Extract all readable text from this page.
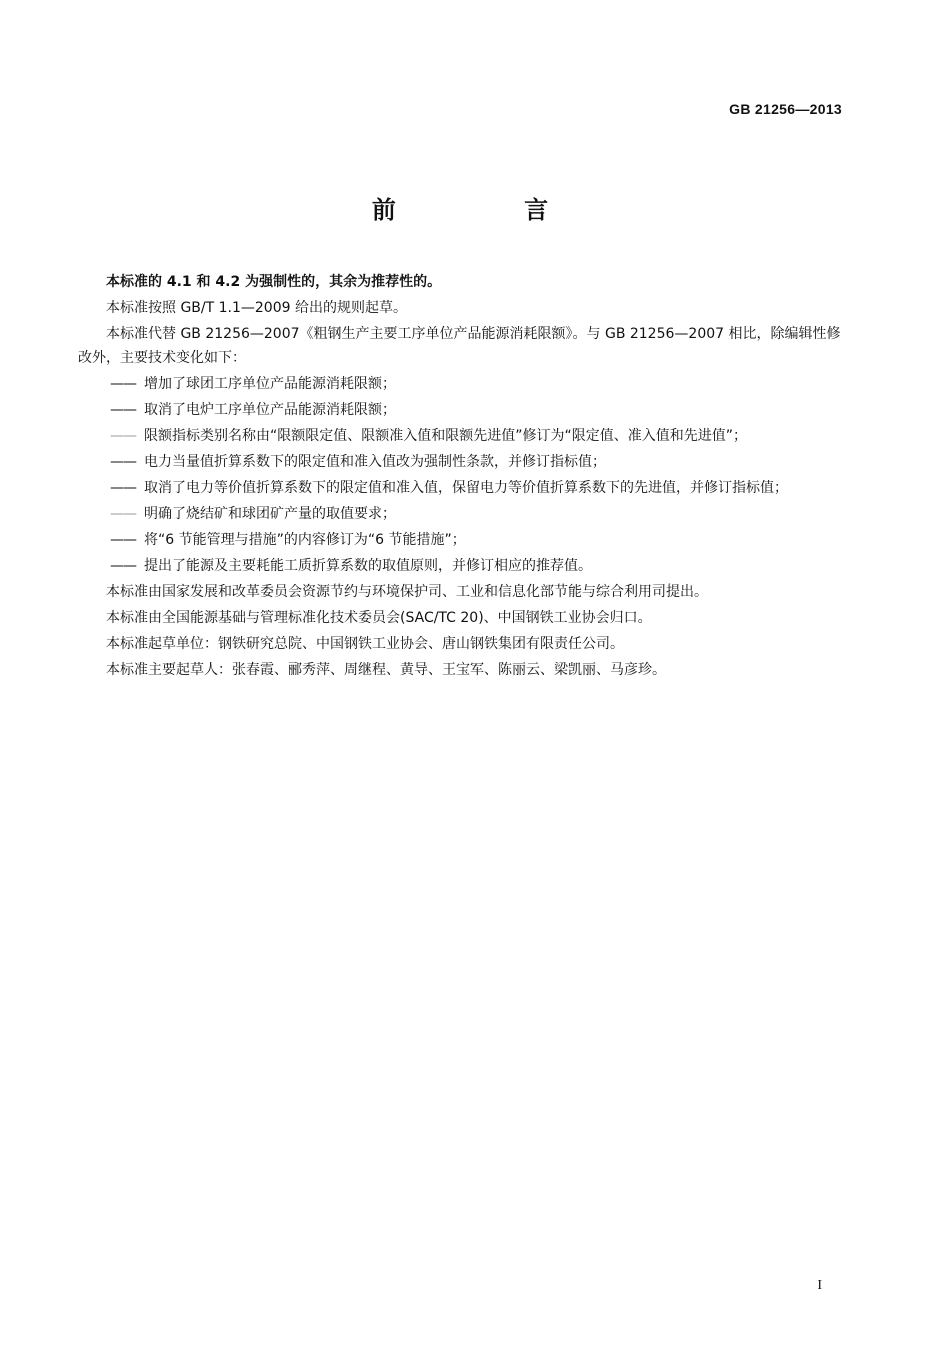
GB 21256—2013
前 言

本标准的 4.1 和 4.2 为强制性的，其余为推荐性的。

本标准按照 GB/T 1.1—2009 给出的规则起草。

本标准代替 GB 21256—2007《粗钢生产主要工序单位产品能源消耗限额》。与 GB 21256—2007 相比，除编辑性修改外，主要技术变化如下：

—— 增加了球团工序单位产品能源消耗限额；

—— 取消了电炉工序单位产品能源消耗限额；

—— 限额指标类别名称由“限额限定值、限额准入值和限额先进值”修订为“限定值、准入值和先进值”；

—— 电力当量值折算系数下的限定值和准入值改为强制性条款，并修订指标值；

—— 取消了电力等价值折算系数下的限定值和准入值，保留电力等价值折算系数下的先进值，并修订指标值；

—— 明确了烧结矿和球团矿产量的取值要求；

—— 将“6 节能管理与措施”的内容修订为“6 节能措施”；

—— 提出了能源及主要耗能工质折算系数的取值原则，并修订相应的推荐值。

本标准由国家发展和改革委员会资源节约与环境保护司、工业和信息化部节能与综合利用司提出。

本标准由全国能源基础与管理标准化技术委员会(SAC/TC 20)、中国钢铁工业协会归口。

本标准起草单位：钢铁研究总院、中国钢铁工业协会、唐山钢铁集团有限责任公司。

本标准主要起草人：张春霞、郦秀萍、周继程、黄导、王宝军、陈丽云、梁凯丽、马彦珍。

I
